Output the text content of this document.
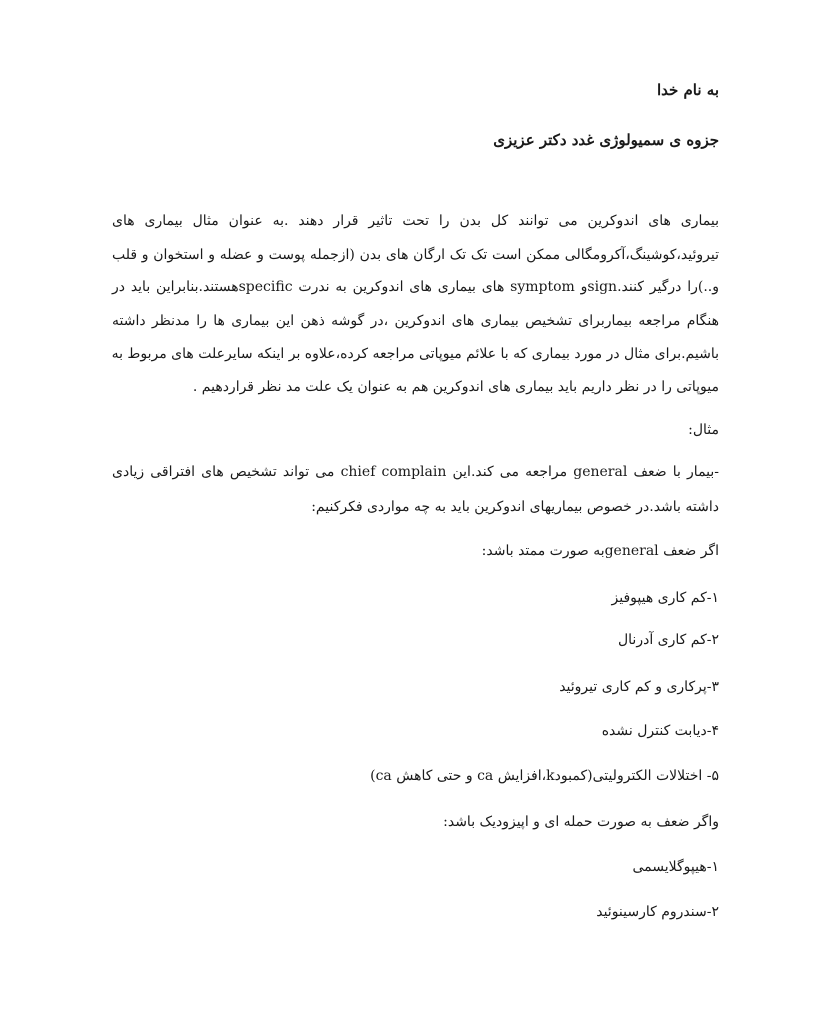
به نام خدا
جزوه ی سمیولوژی غدد دکتر عزیزی
بیماری های اندوکرین می توانند کل بدن را تحت تاثیر قرار دهند .به عنوان مثال بیماری های
تیروئید،کوشینگ،آکرومگالی ممکن است تک تک ارگان های بدن (ازجمله پوست و عضله و استخوان و قلب
و..)را درگیر کنند.signو symptom های بیماری های اندوکرین به ندرت specificهستند.بنابراین باید در
هنگام مراجعه بیماربرای تشخیص بیماری های اندوکرین ،در گوشه ذهن این بیماری ها را مدنظر داشته
باشیم.برای مثال در مورد بیماری که با علائم میوپاتی مراجعه کرده،علاوه بر اینکه سایرعلت های مربوط به
میوپاتی را در نظر داریم باید بیماری های اندوکرین هم به عنوان یک علت مد نظر قراردهیم .
مثال:
-بیمار با ضعف general مراجعه می کند.این chief complain می تواند تشخیص های افتراقی زیادی
داشته باشد.در خصوص بیماریهای اندوکرین باید به چه مواردی فکرکنیم:
اگر ضعف generalبه صورت ممتد باشد:
۱-کم کاری هیپوفیز
۲-کم کاری آدرنال
۳-پرکاری و کم کاری تیروئید
۴-دیابت کنترل نشده
۵- اختلالات الکترولیتی(کمبودk،افزایش ca و حتی کاهش ca)
واگر ضعف به صورت حمله ای و اپیزودیک باشد:
۱-هیپوگلایسمی
۲-سندروم کارسینوئید
